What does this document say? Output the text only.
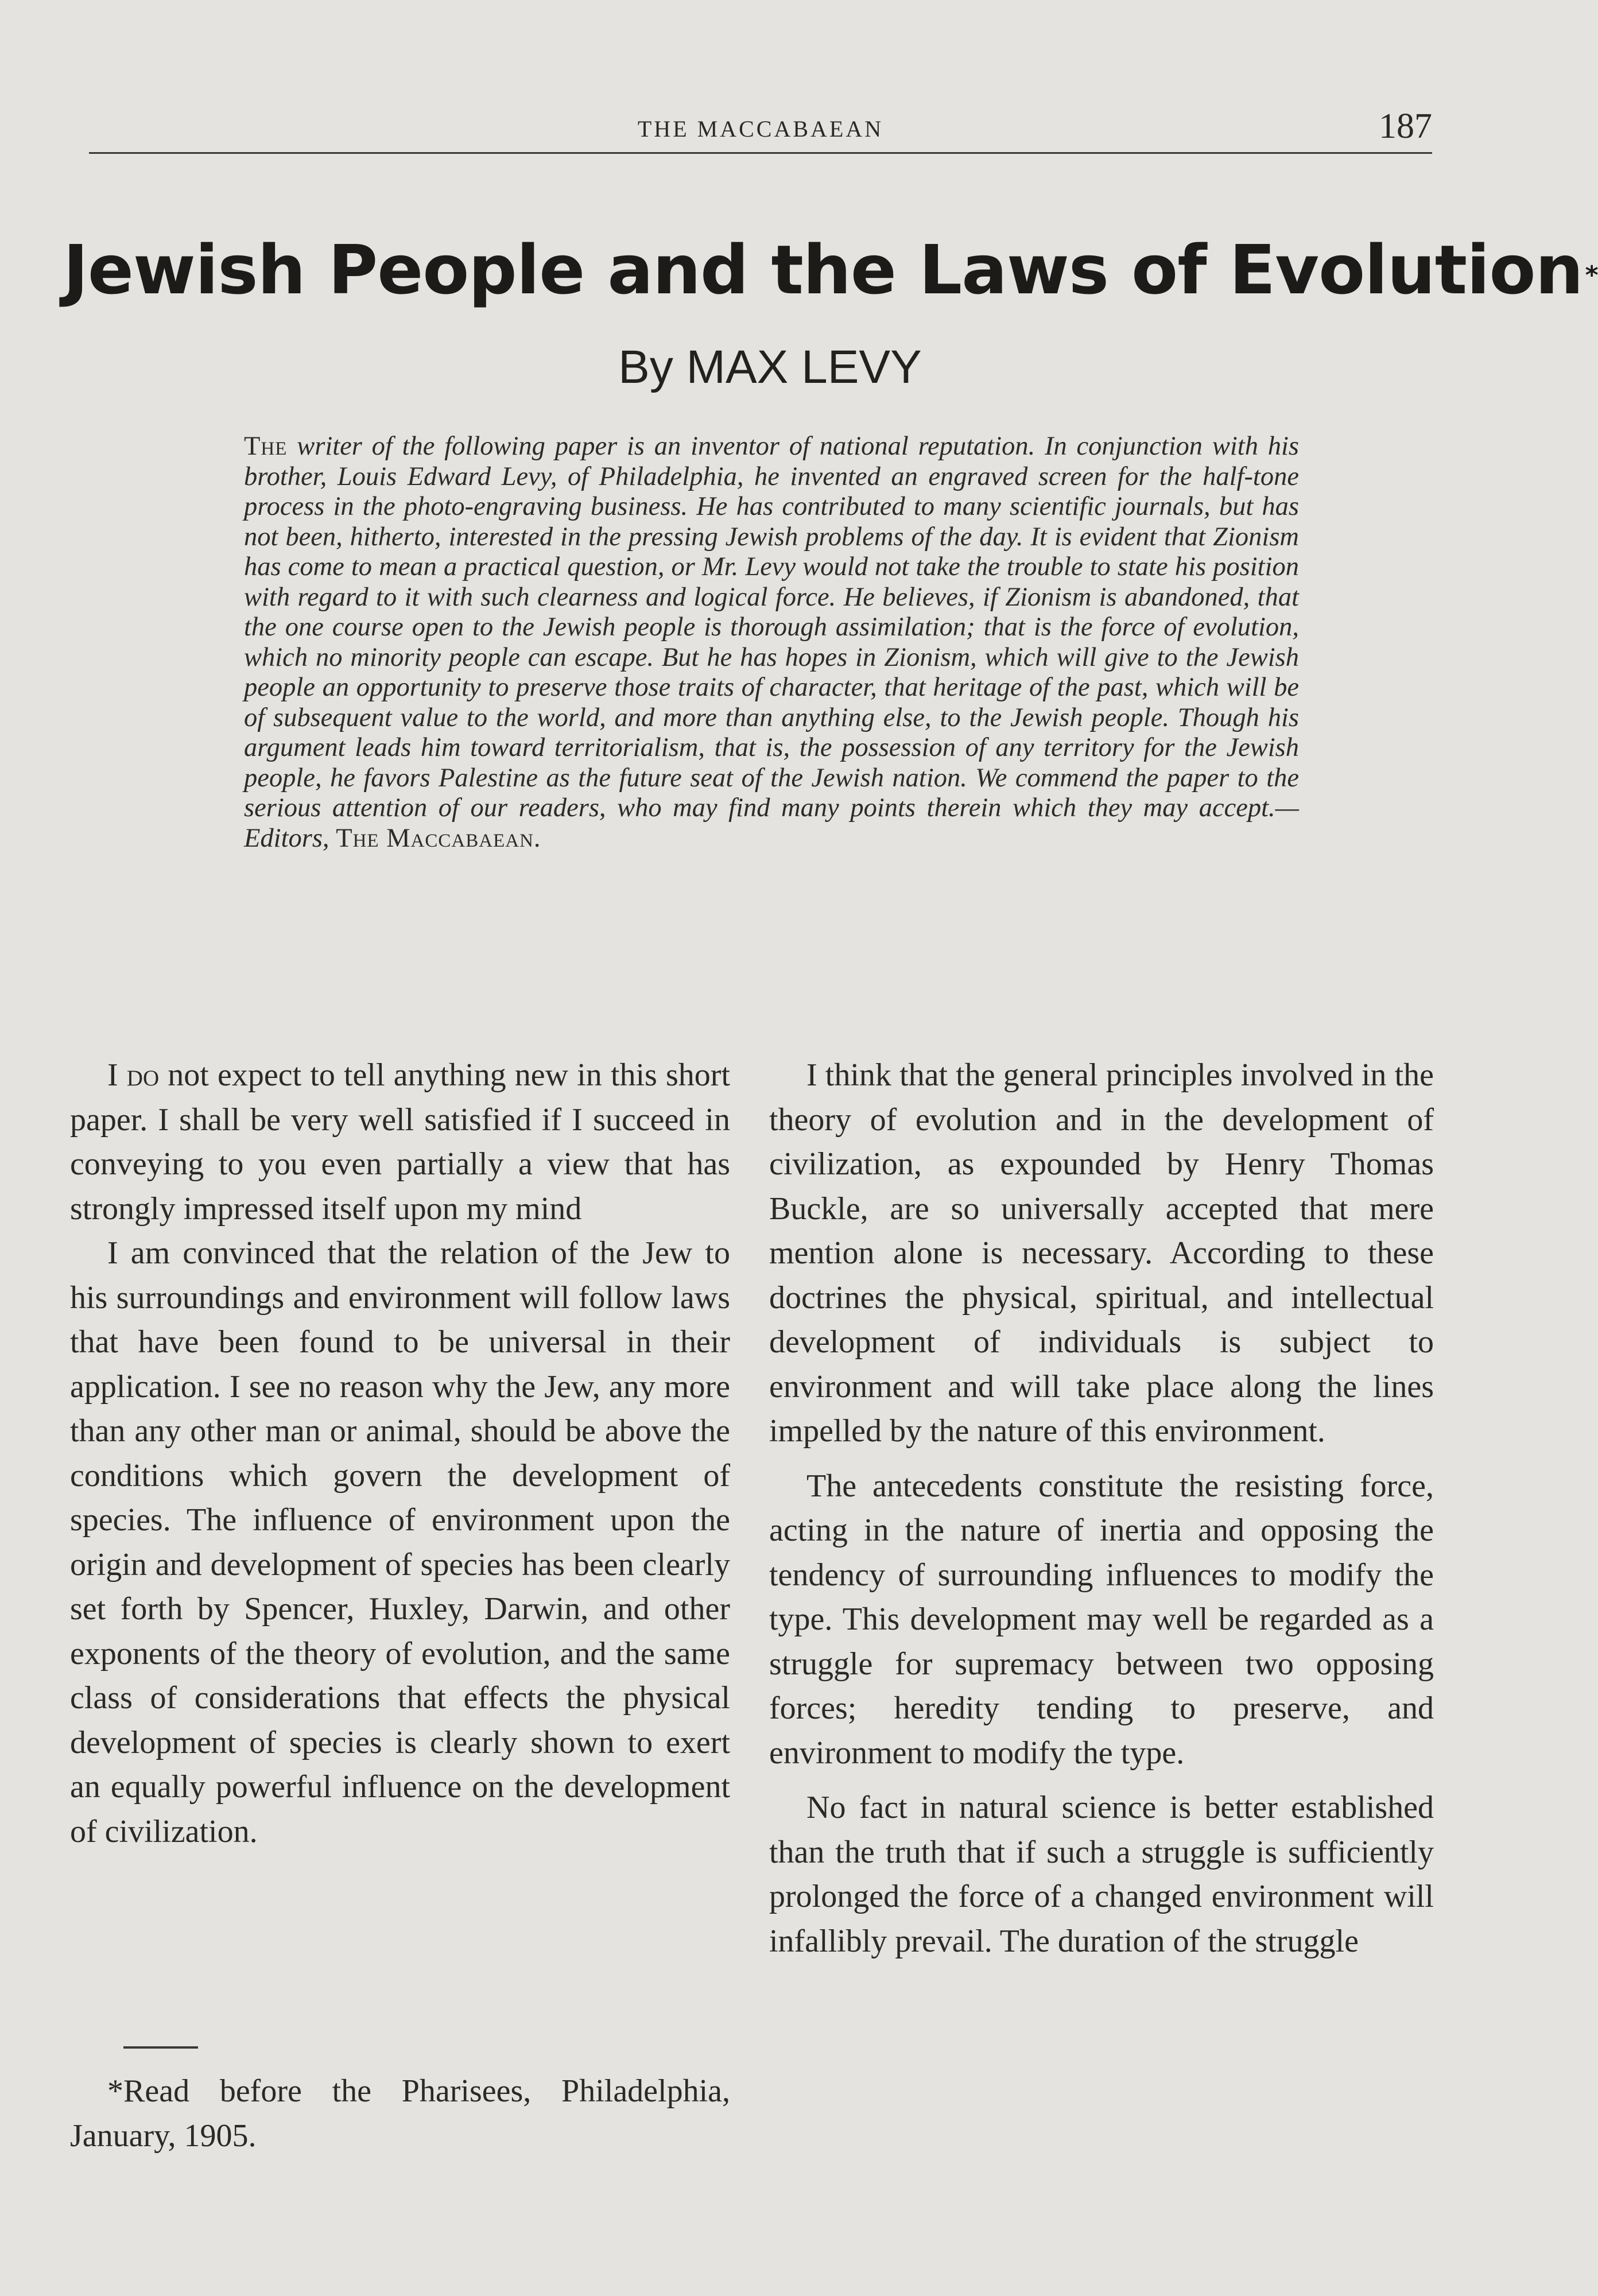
THE MACCABAEAN	187
Jewish People and the Laws of Evolution*
By MAX LEVY
The writer of the following paper is an inventor of national reputation. In conjunction with his brother, Louis Edward Levy, of Philadelphia, he invented an engraved screen for the half-tone process in the photo-engraving business. He has contributed to many scientific journals, but has not been, hitherto, interested in the pressing Jewish problems of the day. It is evident that Zionism has come to mean a practical question, or Mr. Levy would not take the trouble to state his position with regard to it with such clearness and logical force. He believes, if Zionism is abandoned, that the one course open to the Jewish people is thorough assimilation; that is the force of evolution, which no minority people can escape. But he has hopes in Zionism, which will give to the Jewish people an opportunity to preserve those traits of character, that heritage of the past, which will be of subsequent value to the world, and more than anything else, to the Jewish people. Though his argument leads him toward territorialism, that is, the possession of any territory for the Jewish people, he favors Palestine as the future seat of the Jewish nation. We commend the paper to the serious attention of our readers, who may find many points therein which they may accept.—Editors, The Maccabaean.

I do not expect to tell anything new in this short paper. I shall be very well satisfied if I succeed in conveying to you even partially a view that has strongly impressed itself upon my mind

I am convinced that the relation of the Jew to his surroundings and environment will follow laws that have been found to be universal in their application. I see no reason why the Jew, any more than any other man or animal, should be above the conditions which govern the development of species. The influence of environment upon the origin and development of species has been clearly set forth by Spencer, Huxley, Darwin, and other exponents of the theory of evolution, and the same class of considerations that effects the physical development of species is clearly shown to exert an equally powerful influence on the development of civilization.

*Read before the Pharisees, Philadelphia, January, 1905.

I think that the general principles involved in the theory of evolution and in the development of civilization, as expounded by Henry Thomas Buckle, are so universally accepted that mere mention alone is necessary. According to these doctrines the physical, spiritual, and intellectual development of individuals is subject to environment and will take place along the lines impelled by the nature of this environment.

The antecedents constitute the resisting force, acting in the nature of inertia and opposing the tendency of surrounding influences to modify the type. This development may well be regarded as a struggle for supremacy between two opposing forces; heredity tending to preserve, and environment to modify the type.

No fact in natural science is better established than the truth that if such a struggle is sufficiently prolonged the force of a changed environment will infallibly prevail. The duration of the struggle
